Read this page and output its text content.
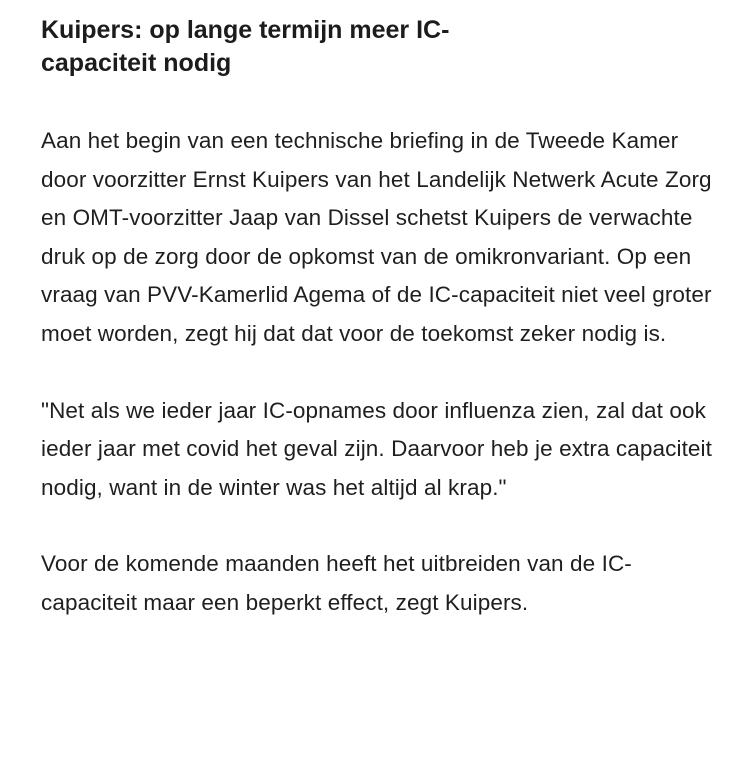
Kuipers: op lange termijn meer IC-capaciteit nodig

Aan het begin van een technische briefing in de Tweede Kamer door voorzitter Ernst Kuipers van het Landelijk Netwerk Acute Zorg en OMT-voorzitter Jaap van Dissel schetst Kuipers de verwachte druk op de zorg door de opkomst van de omikronvariant. Op een vraag van PVV-Kamerlid Agema of de IC-capaciteit niet veel groter moet worden, zegt hij dat dat voor de toekomst zeker nodig is.

"Net als we ieder jaar IC-opnames door influenza zien, zal dat ook ieder jaar met covid het geval zijn. Daarvoor heb je extra capaciteit nodig, want in de winter was het altijd al krap."

Voor de komende maanden heeft het uitbreiden van de IC-capaciteit maar een beperkt effect, zegt Kuipers.
